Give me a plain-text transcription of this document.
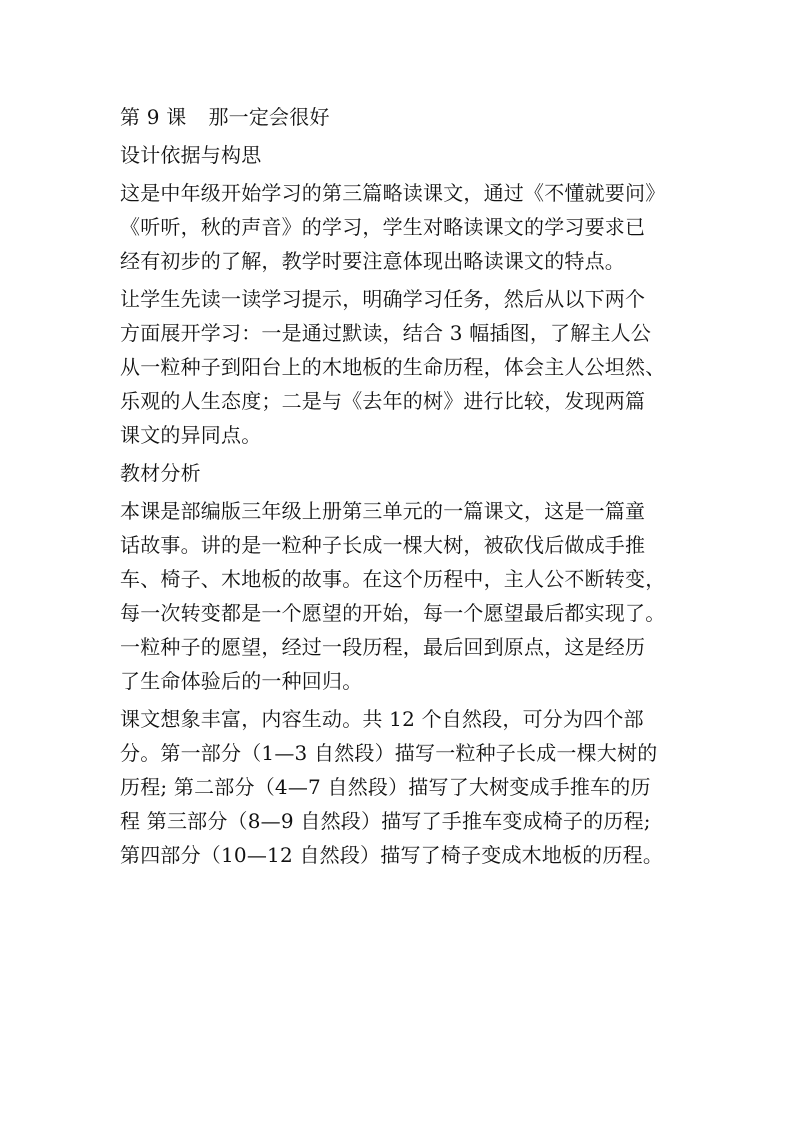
第 9 课 那一定会很好
设计依据与构思
这是中年级开始学习的第三篇略读课文，通过《不懂就要问》
《听听，秋的声音》的学习，学生对略读课文的学习要求已
经有初步的了解，教学时要注意体现出略读课文的特点。
让学生先读一读学习提示，明确学习任务，然后从以下两个
方面展开学习：一是通过默读，结合 3 幅插图，了解主人公
从一粒种子到阳台上的木地板的生命历程，体会主人公坦然、
乐观的人生态度；二是与《去年的树》进行比较，发现两篇
课文的异同点。
教材分析
本课是部编版三年级上册第三单元的一篇课文，这是一篇童
话故事。讲的是一粒种子长成一棵大树，被砍伐后做成手推
车、椅子、木地板的故事。在这个历程中，主人公不断转变，
每一次转变都是一个愿望的开始，每一个愿望最后都实现了。
一粒种子的愿望，经过一段历程，最后回到原点，这是经历
了生命体验后的一种回归。
课文想象丰富，内容生动。共 12 个自然段，可分为四个部
分。第一部分（1—3 自然段）描写一粒种子长成一棵大树的
历程; 第二部分（4—7 自然段）描写了大树变成手推车的历
程 第三部分（8—9 自然段）描写了手推车变成椅子的历程;
第四部分（10—12 自然段）描写了椅子变成木地板的历程。
